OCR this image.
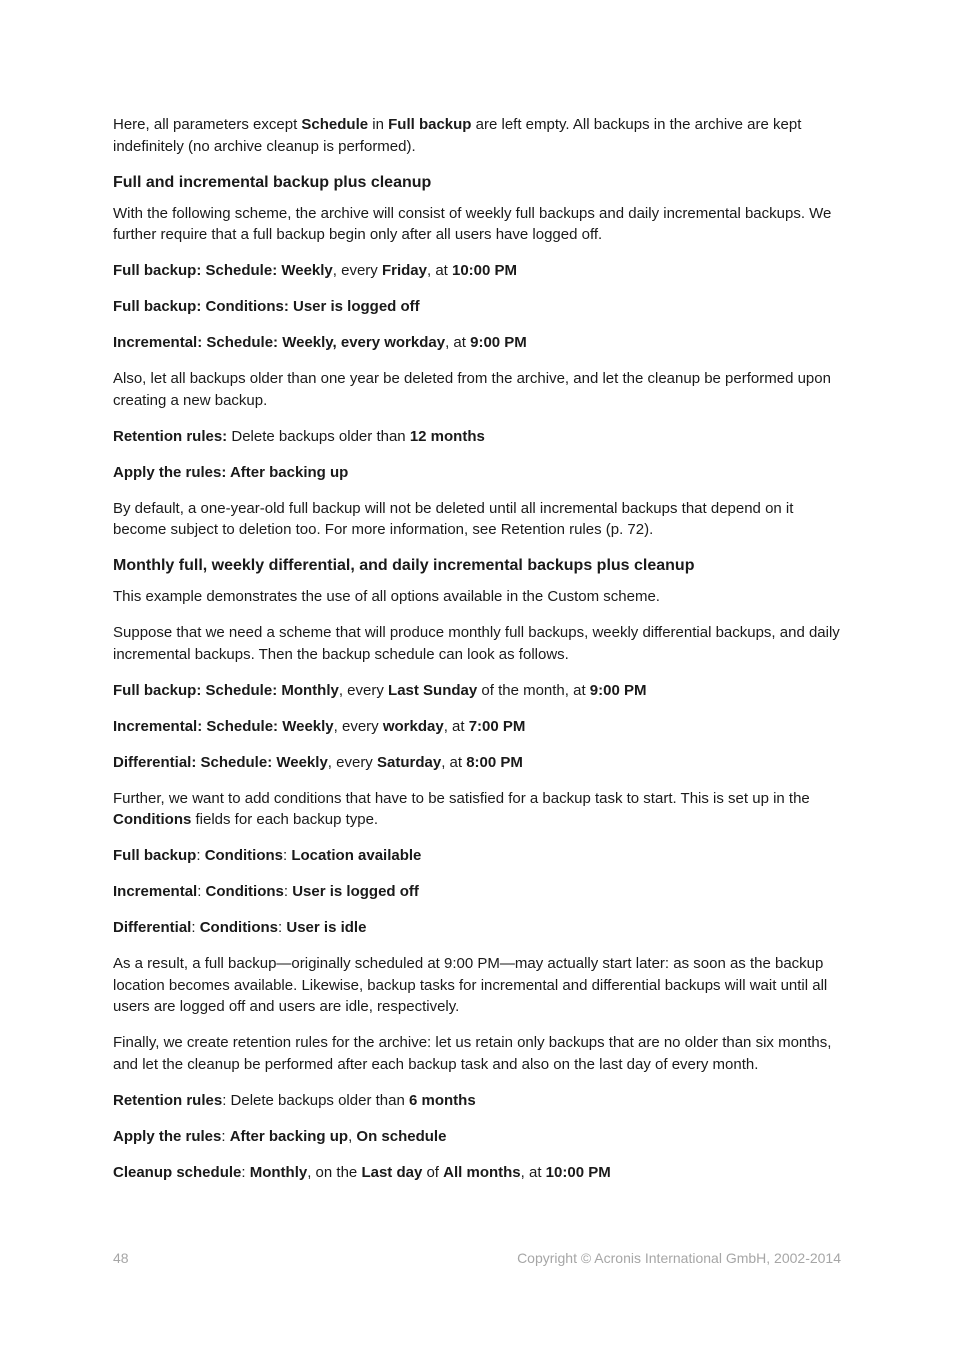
Here, all parameters except Schedule in Full backup are left empty. All backups in the archive are kept indefinitely (no archive cleanup is performed).

Full and incremental backup plus cleanup

With the following scheme, the archive will consist of weekly full backups and daily incremental backups. We further require that a full backup begin only after all users have logged off.

Full backup: Schedule: Weekly, every Friday, at 10:00 PM

Full backup: Conditions: User is logged off

Incremental: Schedule: Weekly, every workday, at 9:00 PM

Also, let all backups older than one year be deleted from the archive, and let the cleanup be performed upon creating a new backup.

Retention rules: Delete backups older than 12 months

Apply the rules: After backing up

By default, a one-year-old full backup will not be deleted until all incremental backups that depend on it become subject to deletion too. For more information, see Retention rules (p. 72).

Monthly full, weekly differential, and daily incremental backups plus cleanup

This example demonstrates the use of all options available in the Custom scheme.

Suppose that we need a scheme that will produce monthly full backups, weekly differential backups, and daily incremental backups. Then the backup schedule can look as follows.

Full backup: Schedule: Monthly, every Last Sunday of the month, at 9:00 PM

Incremental: Schedule: Weekly, every workday, at 7:00 PM

Differential: Schedule: Weekly, every Saturday, at 8:00 PM

Further, we want to add conditions that have to be satisfied for a backup task to start. This is set up in the Conditions fields for each backup type.

Full backup: Conditions: Location available

Incremental: Conditions: User is logged off

Differential: Conditions: User is idle

As a result, a full backup—originally scheduled at 9:00 PM—may actually start later: as soon as the backup location becomes available. Likewise, backup tasks for incremental and differential backups will wait until all users are logged off and users are idle, respectively.

Finally, we create retention rules for the archive: let us retain only backups that are no older than six months, and let the cleanup be performed after each backup task and also on the last day of every month.

Retention rules: Delete backups older than 6 months

Apply the rules: After backing up, On schedule

Cleanup schedule: Monthly, on the Last day of All months, at 10:00 PM

48	Copyright © Acronis International GmbH, 2002-2014
